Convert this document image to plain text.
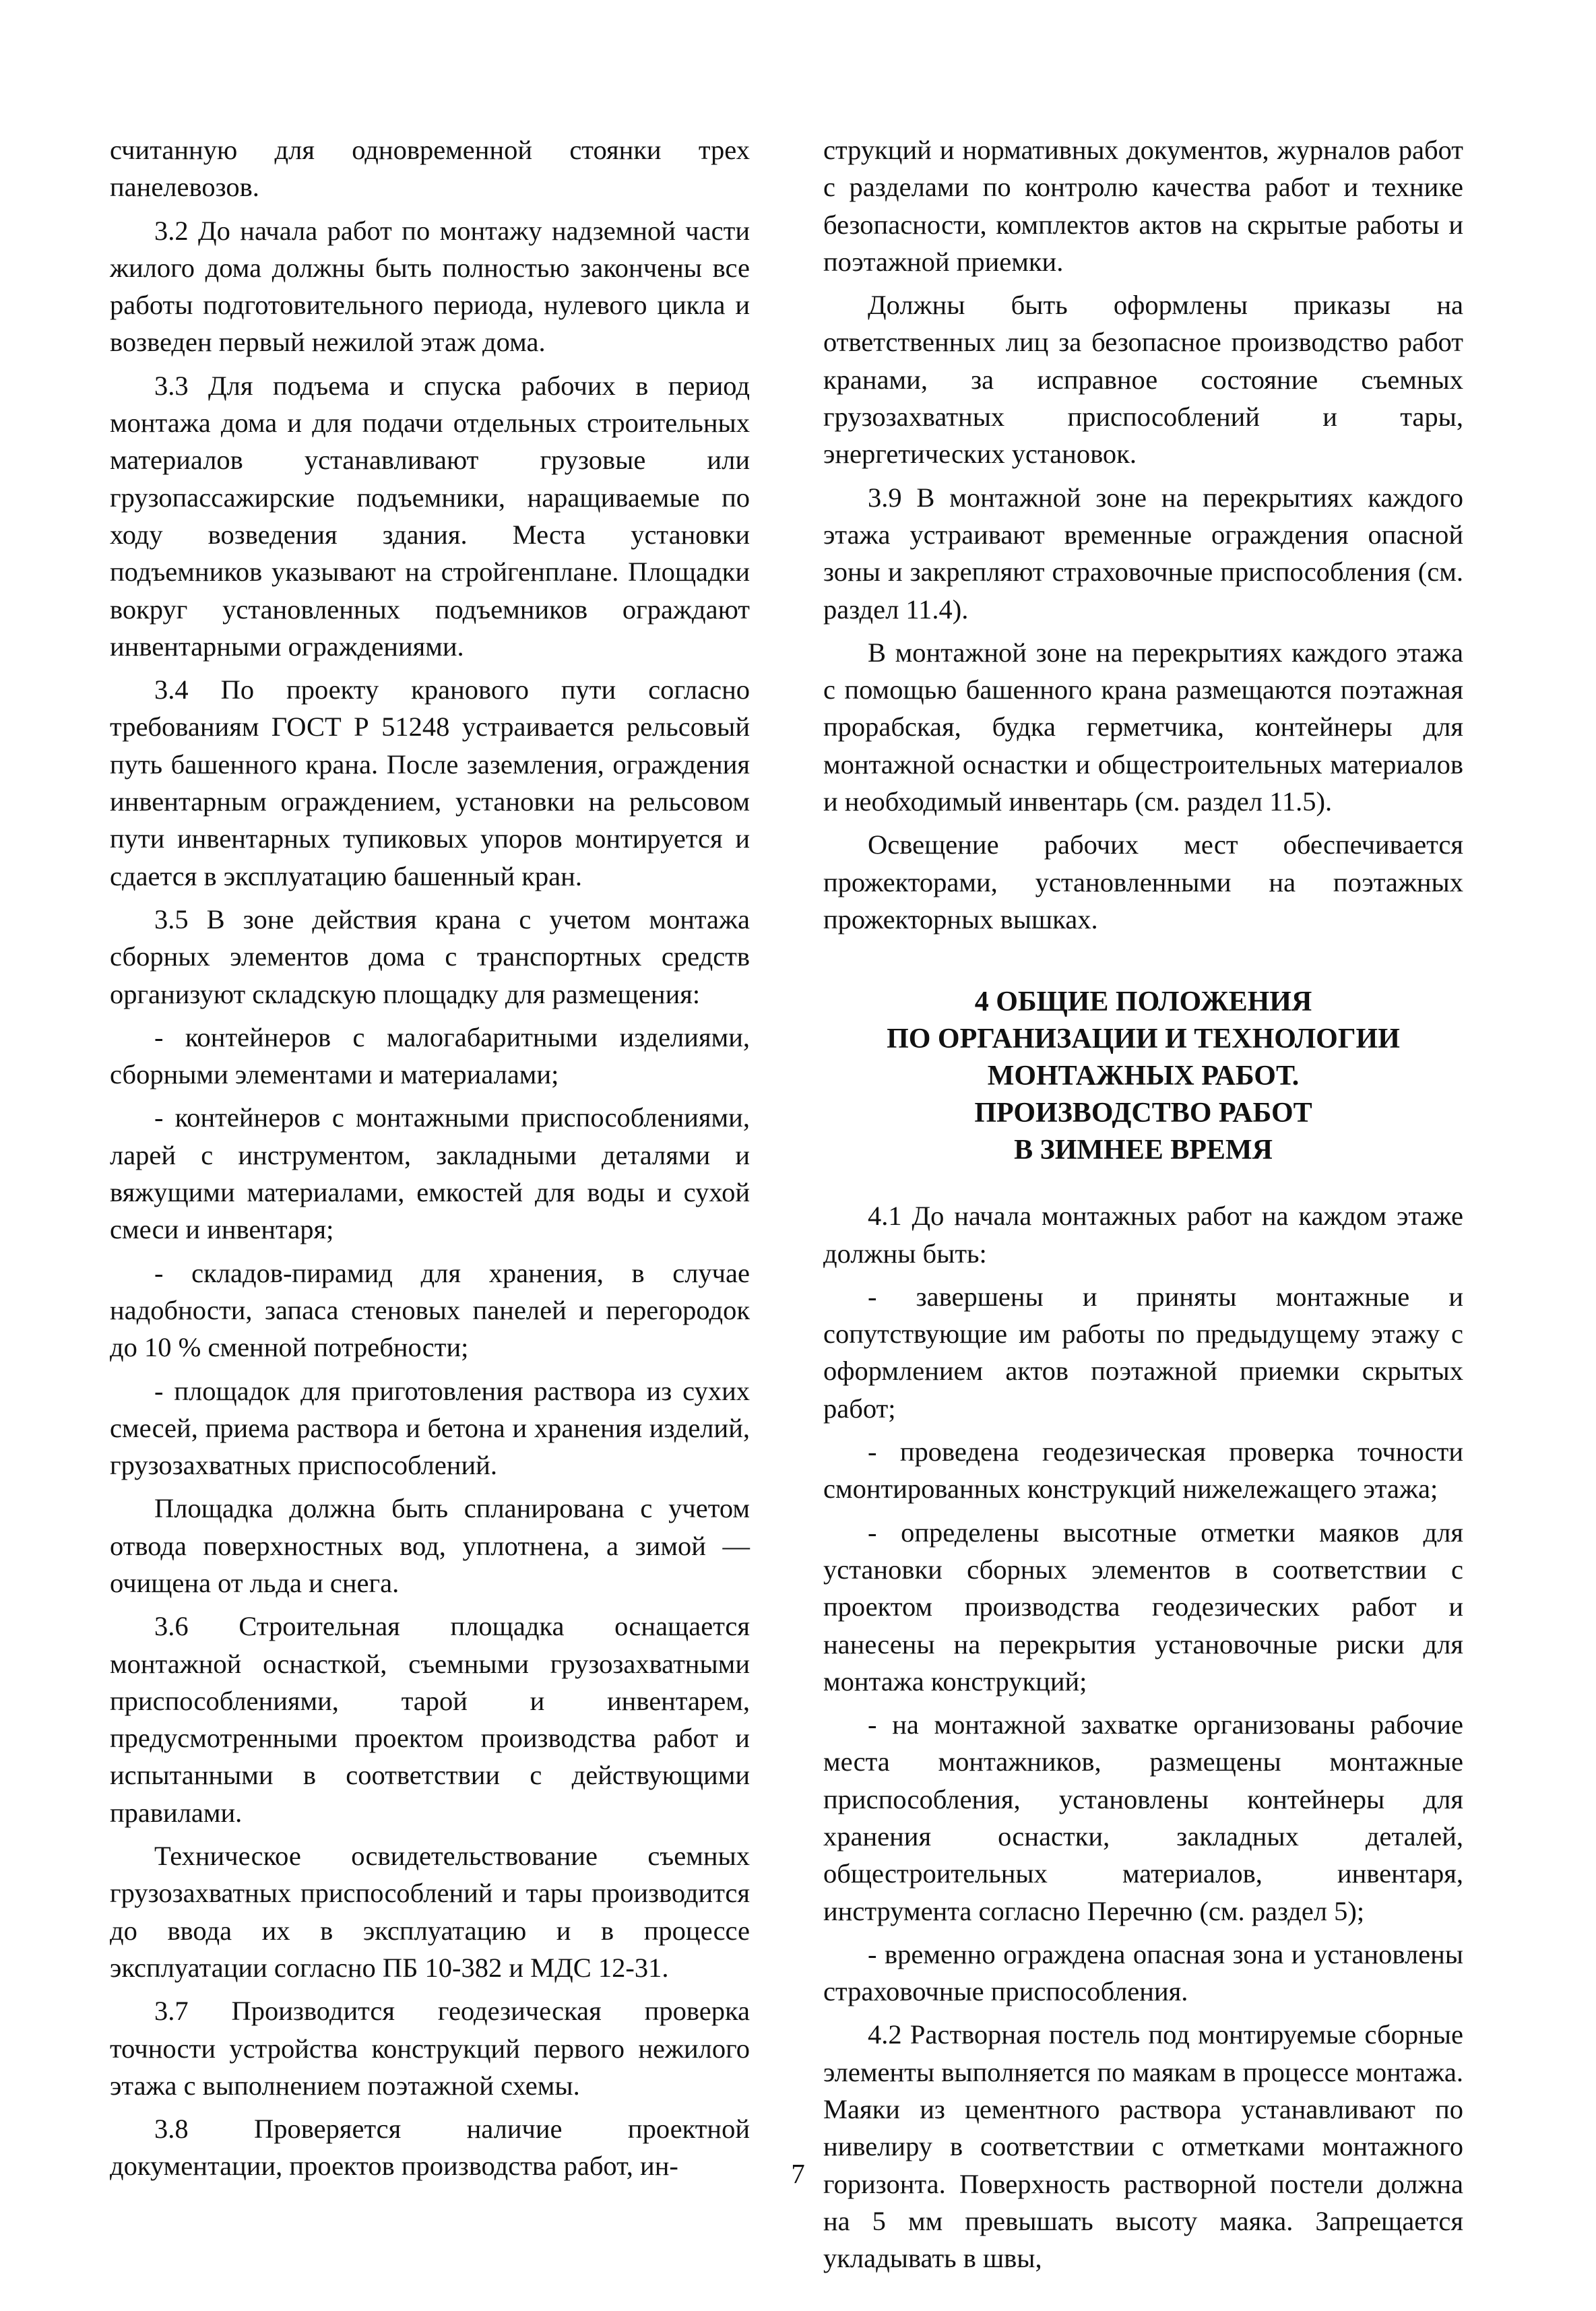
считанную для одновременной стоянки трех панелевозов.

3.2 До начала работ по монтажу надземной части жилого дома должны быть полностью закончены все работы подготовительного периода, нулевого цикла и возведен первый нежилой этаж дома.

3.3 Для подъема и спуска рабочих в период монтажа дома и для подачи отдельных строительных материалов устанавливают грузовые или грузопассажирские подъемники, наращиваемые по ходу возведения здания. Места установки подъемников указывают на стройгенплане. Площадки вокруг установленных подъемников ограждают инвентарными ограждениями.

3.4 По проекту кранового пути согласно требованиям ГОСТ Р 51248 устраивается рельсовый путь башенного крана. После заземления, ограждения инвентарным ограждением, установки на рельсовом пути инвентарных тупиковых упоров монтируется и сдается в эксплуатацию башенный кран.

3.5 В зоне действия крана с учетом монтажа сборных элементов дома с транспортных средств организуют складскую площадку для размещения:

- контейнеров с малогабаритными изделиями, сборными элементами и материалами;

- контейнеров с монтажными приспособлениями, ларей с инструментом, закладными деталями и вяжущими материалами, емкостей для воды и сухой смеси и инвентаря;

- складов-пирамид для хранения, в случае надобности, запаса стеновых панелей и перегородок до 10 % сменной потребности;

- площадок для приготовления раствора из сухих смесей, приема раствора и бетона и хранения изделий, грузозахватных приспособлений.

Площадка должна быть спланирована с учетом отвода поверхностных вод, уплотнена, а зимой — очищена от льда и снега.

3.6 Строительная площадка оснащается монтажной оснасткой, съемными грузозахватными приспособлениями, тарой и инвентарем, предусмотренными проектом производства работ и испытанными в соответствии с действующими правилами.

Техническое освидетельствование съемных грузозахватных приспособлений и тары производится до ввода их в эксплуатацию и в процессе эксплуатации согласно ПБ 10-382 и МДС 12-31.

3.7 Производится геодезическая проверка точности устройства конструкций первого нежилого этажа с выполнением поэтажной схемы.

3.8 Проверяется наличие проектной документации, проектов производства работ, ин-

струкций и нормативных документов, журналов работ с разделами по контролю качества работ и технике безопасности, комплектов актов на скрытые работы и поэтажной приемки.

Должны быть оформлены приказы на ответственных лиц за безопасное производство работ кранами, за исправное состояние съемных грузозахватных приспособлений и тары, энергетических установок.

3.9 В монтажной зоне на перекрытиях каждого этажа устраивают временные ограждения опасной зоны и закрепляют страховочные приспособления (см. раздел 11.4).

В монтажной зоне на перекрытиях каждого этажа с помощью башенного крана размещаются поэтажная прорабская, будка герметчика, контейнеры для монтажной оснастки и общестроительных материалов и необходимый инвентарь (см. раздел 11.5).

Освещение рабочих мест обеспечивается прожекторами, установленными на поэтажных прожекторных вышках.

4 ОБЩИЕ ПОЛОЖЕНИЯ
ПО ОРГАНИЗАЦИИ И ТЕХНОЛОГИИ
МОНТАЖНЫХ РАБОТ.
ПРОИЗВОДСТВО РАБОТ
В ЗИМНЕЕ ВРЕМЯ

4.1 До начала монтажных работ на каждом этаже должны быть:

- завершены и приняты монтажные и сопутствующие им работы по предыдущему этажу с оформлением актов поэтажной приемки скрытых работ;

- проведена геодезическая проверка точности смонтированных конструкций нижележащего этажа;

- определены высотные отметки маяков для установки сборных элементов в соответствии с проектом производства геодезических работ и нанесены на перекрытия установочные риски для монтажа конструкций;

- на монтажной захватке организованы рабочие места монтажников, размещены монтажные приспособления, установлены контейнеры для хранения оснастки, закладных деталей, общестроительных материалов, инвентаря, инструмента согласно Перечню (см. раздел 5);

- временно ограждена опасная зона и установлены страховочные приспособления.

4.2 Растворная постель под монтируемые сборные элементы выполняется по маякам в процессе монтажа. Маяки из цементного раствора устанавливают по нивелиру в соответствии с отметками монтажного горизонта. Поверхность растворной постели должна на 5 мм превышать высоту маяка. Запрещается укладывать в швы,

7
